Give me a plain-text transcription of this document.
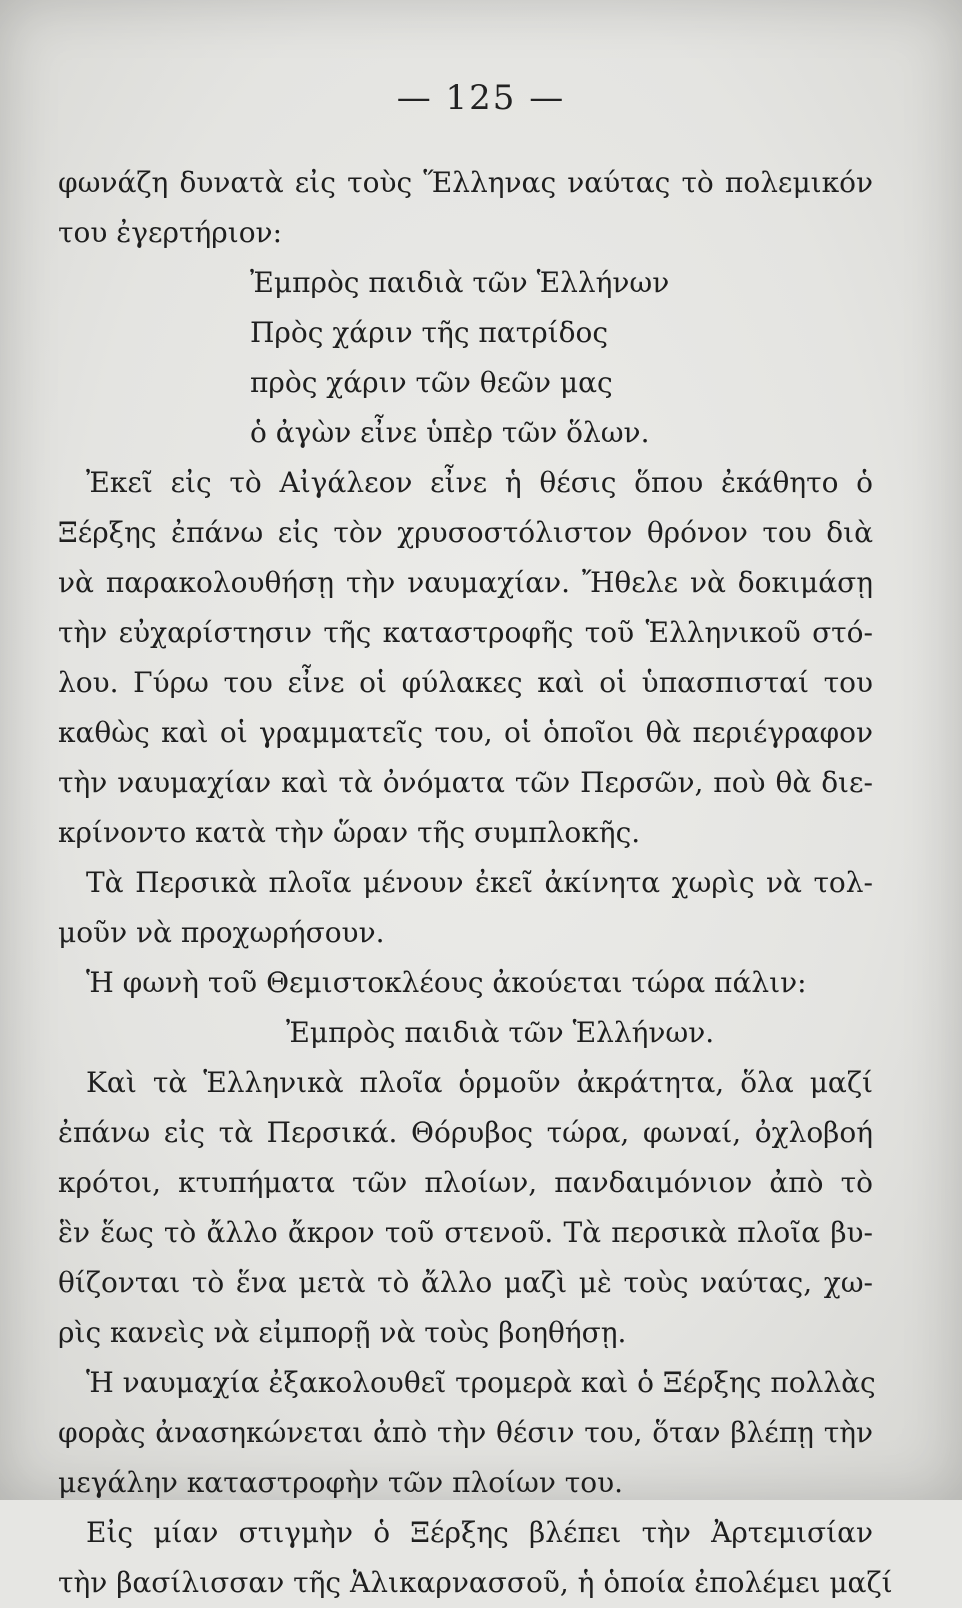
— 125 —
φωνάζη δυνατὰ εἰς τοὺς Ἕλληνας ναύτας τὸ πολεμικόν
του ἐγερτήριον:
Ἐμπρὸς παιδιὰ τῶν Ἑλλήνων
Πρὸς χάριν τῆς πατρίδος
πρὸς χάριν τῶν θεῶν μας
ὁ ἀγὼν εἶνε ὑπὲρ τῶν ὅλων.
Ἐκεῖ εἰς τὸ Αἰγάλεον εἶνε ἡ θέσις ὅπου ἐκάθητο ὁ
Ξέρξης ἐπάνω εἰς τὸν χρυσοστόλιστον θρόνον του διὰ
νὰ παρακολουθήσῃ τὴν ναυμαχίαν. Ἤθελε νὰ δοκιμάσῃ
τὴν εὐχαρίστησιν τῆς καταστροφῆς τοῦ Ἑλληνικοῦ στό-
λου. Γύρω του εἶνε οἱ φύλακες καὶ οἱ ὑπασπισταί του
καθὼς καὶ οἱ γραμματεῖς του, οἱ ὁποῖοι θὰ περιέγραφον
τὴν ναυμαχίαν καὶ τὰ ὀνόματα τῶν Περσῶν, ποὺ θὰ διε-
κρίνοντο κατὰ τὴν ὥραν τῆς συμπλοκῆς.
Τὰ Περσικὰ πλοῖα μένουν ἐκεῖ ἀκίνητα χωρὶς νὰ τολ-
μοῦν νὰ προχωρήσουν.
Ἡ φωνὴ τοῦ Θεμιστοκλέους ἀκούεται τώρα πάλιν:
Ἐμπρὸς παιδιὰ τῶν Ἑλλήνων.
Καὶ τὰ Ἑλληνικὰ πλοῖα ὁρμοῦν ἀκράτητα, ὅλα μαζί
ἐπάνω εἰς τὰ Περσικά. Θόρυβος τώρα, φωναί, ὀχλοβοή
κρότοι, κτυπήματα τῶν πλοίων, πανδαιμόνιον ἀπὸ τὸ
ἓν ἕως τὸ ἄλλο ἄκρον τοῦ στενοῦ. Τὰ περσικὰ πλοῖα βυ-
θίζονται τὸ ἕνα μετὰ τὸ ἄλλο μαζὶ μὲ τοὺς ναύτας, χω-
ρὶς κανεὶς νὰ εἰμπορῇ νὰ τοὺς βοηθήσῃ.
Ἡ ναυμαχία ἐξακολουθεῖ τρομερὰ καὶ ὁ Ξέρξης πολλὰς
φορὰς ἀνασηκώνεται ἀπὸ τὴν θέσιν του, ὅταν βλέπῃ τὴν
μεγάλην καταστροφὴν τῶν πλοίων του.
Εἰς μίαν στιγμὴν ὁ Ξέρξης βλέπει τὴν Ἀρτεμισίαν
τὴν βασίλισσαν τῆς Ἁλικαρνασσοῦ, ἡ ὁποία ἐπολέμει μαζί
